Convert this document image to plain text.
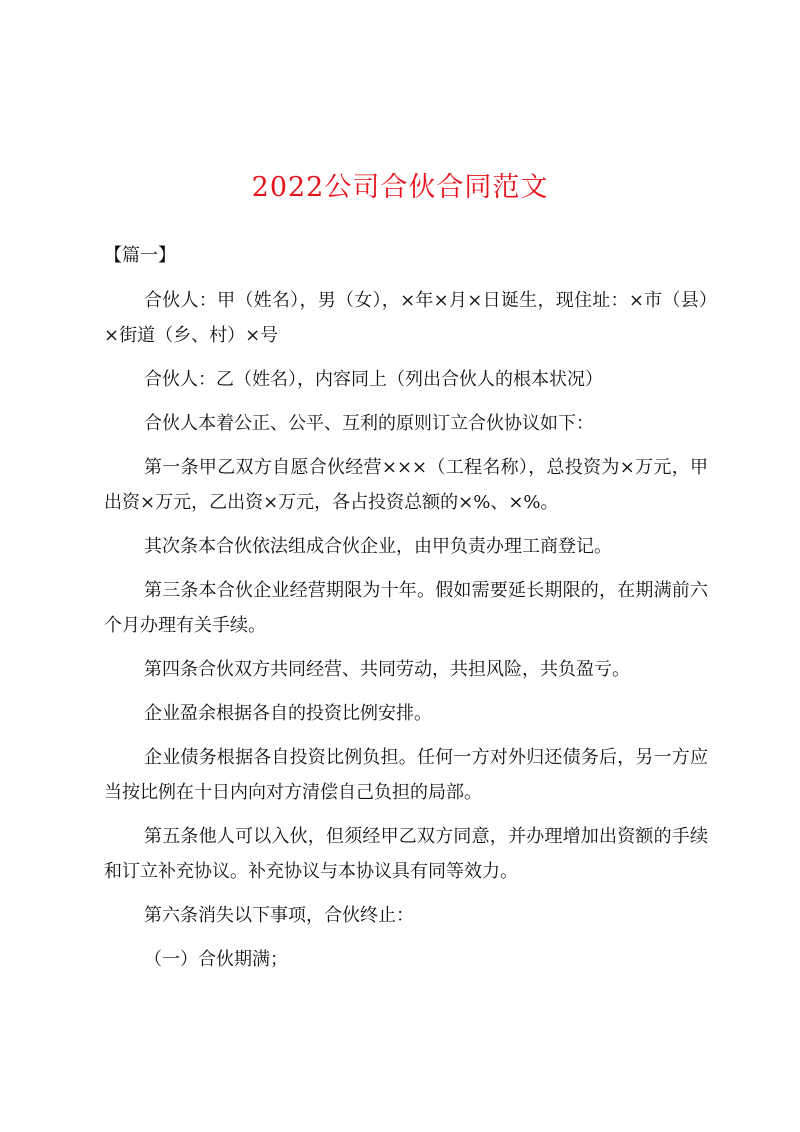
2022公司合伙合同范文
【篇一】

合伙人：甲（姓名），男（女），×年×月×日诞生，现住址：×市（县）×街道（乡、村）×号

合伙人：乙（姓名），内容同上（列出合伙人的根本状况）

合伙人本着公正、公平、互利的原则订立合伙协议如下：

第一条甲乙双方自愿合伙经营×××（工程名称），总投资为×万元，甲出资×万元，乙出资×万元，各占投资总额的×%、×%。

其次条本合伙依法组成合伙企业，由甲负责办理工商登记。

第三条本合伙企业经营期限为十年。假如需要延长期限的，在期满前六个月办理有关手续。

第四条合伙双方共同经营、共同劳动，共担风险，共负盈亏。

企业盈余根据各自的投资比例安排。

企业债务根据各自投资比例负担。任何一方对外归还债务后，另一方应当按比例在十日内向对方清偿自己负担的局部。

第五条他人可以入伙，但须经甲乙双方同意，并办理增加出资额的手续和订立补充协议。补充协议与本协议具有同等效力。

第六条消失以下事项，合伙终止：

（一）合伙期满；
